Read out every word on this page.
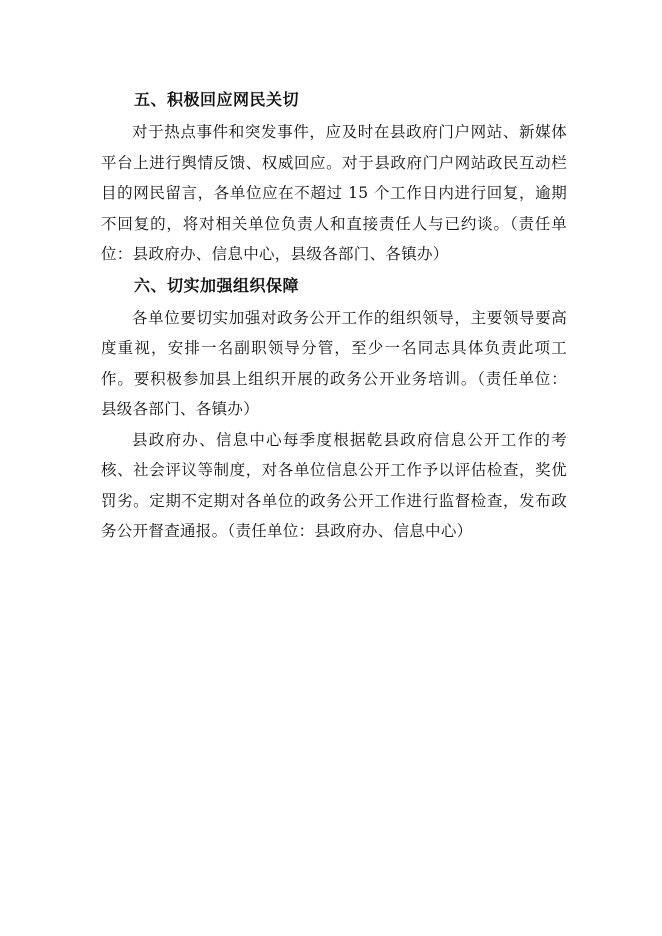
五、积极回应网民关切

对于热点事件和突发事件，应及时在县政府门户网站、新媒体平台上进行舆情反馈、权威回应。对于县政府门户网站政民互动栏目的网民留言，各单位应在不超过 15 个工作日内进行回复，逾期不回复的，将对相关单位负责人和直接责任人与已约谈。（责任单位：县政府办、信息中心，县级各部门、各镇办）

六、切实加强组织保障

各单位要切实加强对政务公开工作的组织领导，主要领导要高度重视，安排一名副职领导分管，至少一名同志具体负责此项工作。要积极参加县上组织开展的政务公开业务培训。（责任单位：县级各部门、各镇办）

县政府办、信息中心每季度根据乾县政府信息公开工作的考核、社会评议等制度，对各单位信息公开工作予以评估检查，奖优罚劣。定期不定期对各单位的政务公开工作进行监督检查，发布政务公开督查通报。（责任单位：县政府办、信息中心）
